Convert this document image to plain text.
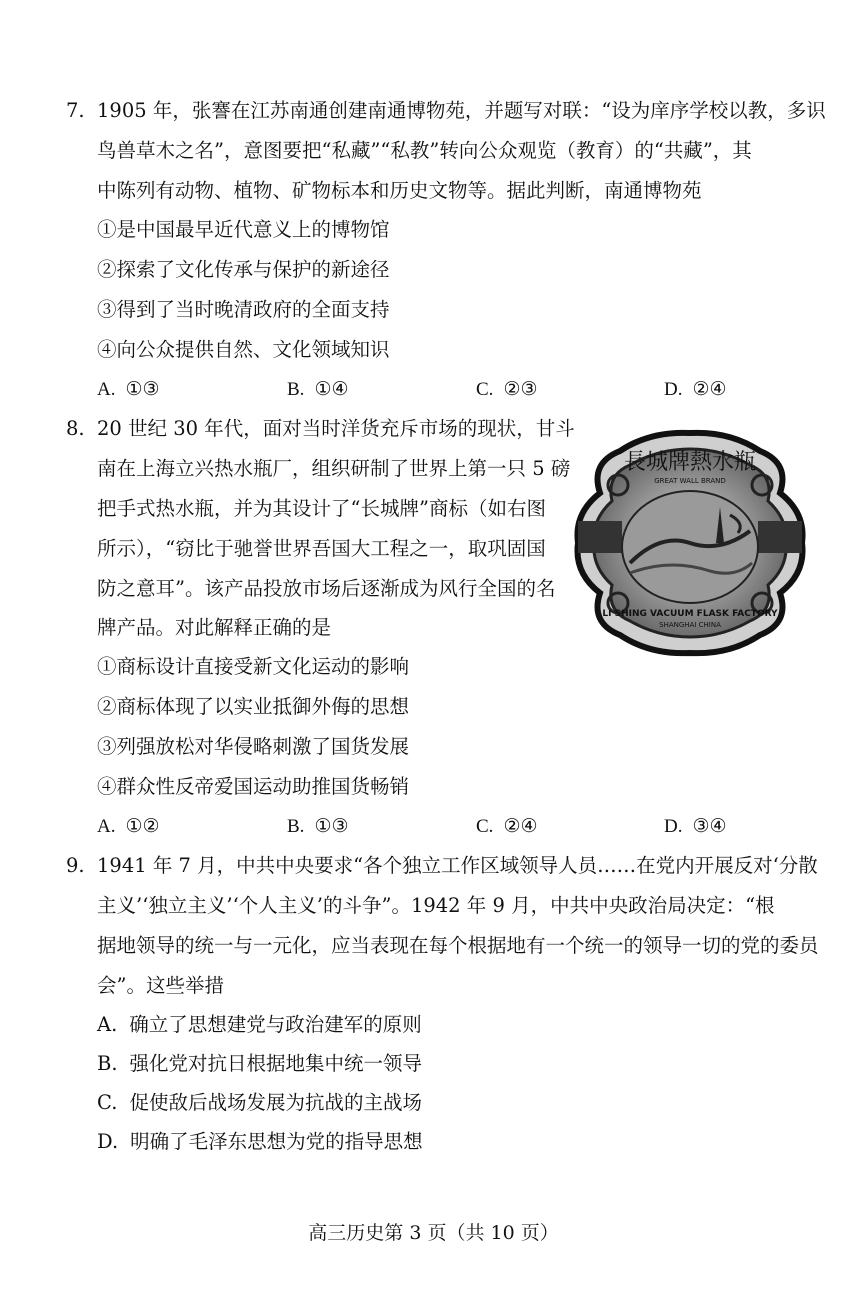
7. 1905 年，张謇在江苏南通创建南通博物苑，并题写对联：“设为庠序学校以教，多识
鸟兽草木之名”，意图要把“私藏”“私教”转向公众观览（教育）的“共藏”，其
中陈列有动物、植物、矿物标本和历史文物等。据此判断，南通博物苑
①是中国最早近代意义上的博物馆
②探索了文化传承与保护的新途径
③得到了当时晚清政府的全面支持
④向公众提供自然、文化领域知识
A. ①③	B. ①④	C. ②③	D. ②④
8. 20 世纪 30 年代，面对当时洋货充斥市场的现状，甘斗
南在上海立兴热水瓶厂，组织研制了世界上第一只 5 磅
把手式热水瓶，并为其设计了“长城牌”商标（如右图
所示），“窃比于驰誉世界吾国大工程之一，取巩固国
防之意耳”。该产品投放市场后逐渐成为风行全国的名
牌产品。对此解释正确的是
長城牌熱水瓶
GREAT WALL BRAND
LI SHING VACUUM FLASK FACTORY
SHANGHAI CHINA
①商标设计直接受新文化运动的影响
②商标体现了以实业抵御外侮的思想
③列强放松对华侵略刺激了国货发展
④群众性反帝爱国运动助推国货畅销
A. ①②	B. ①③	C. ②④	D. ③④
9. 1941 年 7 月，中共中央要求“各个独立工作区域领导人员……在党内开展反对‘分散
主义’‘独立主义’‘个人主义’的斗争”。1942 年 9 月，中共中央政治局决定：“根
据地领导的统一与一元化，应当表现在每个根据地有一个统一的领导一切的党的委员
会”。这些举措
A. 确立了思想建党与政治建军的原则
B. 强化党对抗日根据地集中统一领导
C. 促使敌后战场发展为抗战的主战场
D. 明确了毛泽东思想为党的指导思想
高三历史第 3 页（共 10 页）
